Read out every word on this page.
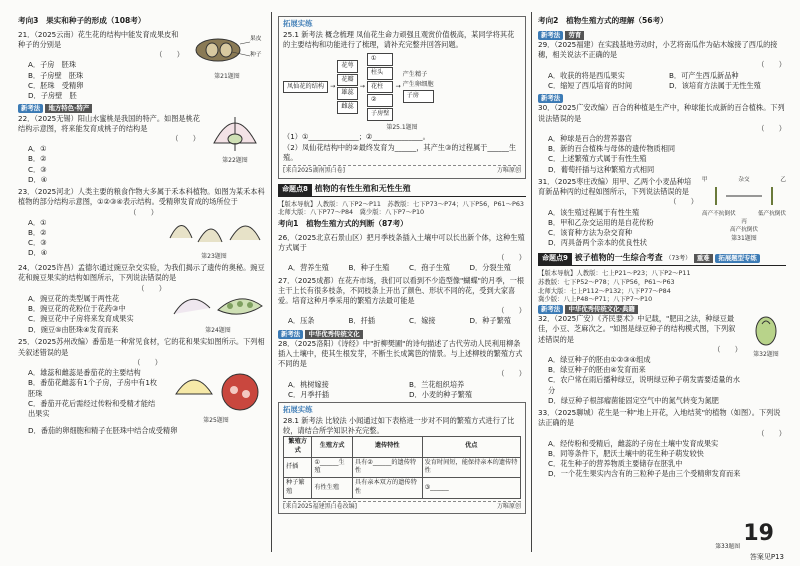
考向3　果实和种子的形成（108考）
21．（2025云南）花生花的结构中能发育成果皮和种子的分别是
（　　）
A．子房　胚珠
B．子房壁　胚珠
C．胚珠　受精卵
D．子房壁　胚
果皮
种子
第21题图
新考法 地方特色·特产
22．（2025无锡）阳山水蜜桃是我国的特产。如图是桃花结构示意图，将来能发育成桃子的结构是
（　　）
A．①
B．②
C．③
D．④
第22题图
23．（2025河北）人类主要的粮食作物大多属于禾本科植物。如图为某禾本科植物的部分结构示意图，①②③④表示结构。受精卵发育成的场所位于
（　　）
A．①
B．②
C．③
D．④	第23题图
24．（2025许昌）孟德尔通过豌豆杂交实验，为我们揭示了遗传的奥秘。豌豆花和豌豆果实的结构如图所示，下列说法错误的是
（　　）
A．豌豆花的类型属于两性花
B．豌豆花的花粉位于花药③中
C．豌豆花中子房将来发育成果实
D．豌豆⑤由胚珠④发育而来	第24题图
25．（2025苏州改编）番茄是一种常见食材，它的花和果实如图所示。下列相关叙述错误的是
（　　）
A．雄蕊和雌蕊是番茄花的主要结构
B．番茄花雌蕊有1个子房，子房中有1枚胚珠
C．番茄开花后需经过传粉和受精才能结出果实
第25题图
D．番茄的卵细胞和精子在胚珠中结合成受精卵
拓展实练
25.1 新考法 概念梳理 凤仙花生命力顽强且观赏价值极高，某同学将其花的主要结构和功能进行了梳理，请补充完整并回答问题。
凤仙花的结构 →
花萼
花瓣
雄蕊
雌蕊
→
①
柱头
花柱
②
子房壁
→
产生精子
产生卵细胞
子房
第25.1题图
（1）①______________；②______________。
（2）凤仙花结构中的②最终发育为______，其产生③的过程属于______生殖。
[来自2025湖南黑白卷]	万唯原创
命题点8 植物的有性生殖和无性生殖
【版本导航】人教版：八下P2～P11　苏教版：七下P73～P74；八下P56，P61～P63
北师大版：八下P77～P84　冀少版：八下P7～P10
考向1　植物生殖方式的判断（87考）
26．（2025北京石景山区）把月季枝条插入土壤中可以长出新个体，这种生殖方式属于
（　　）
A．营养生殖	B．种子生殖	C．孢子生殖	D．分裂生殖
27．（2025成都）在花卉市场，我们可以看到不少造型像"蝴蝶"的月季，一根主干上长有很多枝条，不同枝条上开出了颜色、形状不同的花，受到大家喜爱。培育这种月季采用的繁殖方法最可能是
（　　）
A．压条	B．扦插	C．嫁接	D．种子繁殖
新考法 中华优秀传统文化
28．（2025洛阳）《诗经》中"折柳樊圃"的诗句描述了古代劳动人民利用柳条插入土壤中，使其生根发芽，不断生长成篱笆的情景。与上述柳枝的繁殖方式不同的是
（　　）
A．桃树嫁接	B．兰花组织培养
C．月季扦插	D．小麦的种子繁殖
拓展实练
28.1 新考法 比较法 小闻通过如下表格进一步对不同的繁殖方式进行了比较，请结合所学知识补充完整。
繁殖方式	生殖方式	遗传特性	优点
扦插	①______生殖	具有②______的遗传特性	发育时间短，能保持亲本的遗传特性
种子繁殖	有性生殖	具有亲本双方的遗传特性	③______
[来自2025福建黑白卷改编]	万唯原创
考向2　植物生殖方式的理解（56考）
新考法 劳育
29．（2025福建）在实践基地劳动时，小艺将南瓜作为砧木嫁接了西瓜的接穗，相关说法不正确的是
（　　）
A．收获的将是西瓜果实	B．可产生西瓜新品种
C．缩短了西瓜培育的时间	D．该培育方法属于无性生殖
新考法
30．（2025广安改编）百合的种植是生产中，种球能长成新的百合植株。下列说法错误的是
（　　）
A．种球是百合的营养器官
B．新的百合植株与母体的遗传物质相同
C．上述繁殖方式属于有性生殖
D．葡萄扦插与这种繁殖方式相同
31．（2025枣庄改编）用甲、乙两个小麦品种培育新品种丙的过程如图所示，下列说法错误的是
（　　）
A．该生殖过程属于有性生殖
B．甲和乙杂交运用的是自花传粉
C．该育种方法为杂交育种
D．丙具备两个亲本的优良性状
甲	杂交	乙
高产不抗倒伏	低产抗倒伏
丙
高产抗倒伏
第31题图
命题点9 被子植物的一生综合考查 （73考） 重难 拓展题型专练
【版本导航】人教版：七上P21～P23；八下P2～P11
苏教版：七下P52～P78；八下P56，P61～P63
北师大版：七上P112～P132；八下P77～P84
冀少版：八上P48～P71；八下P7～P10
新考法 中华优秀传统文化·典籍
32．（2025广安）《齐民要术》中记载，"肥田之法，种绿豆最佳，小豆、芝麻次之。"如图是绿豆种子的结构模式图，下列叙述错误的是
（　　）
A．绿豆种子的胚由①②③④组成
B．绿豆种子的胚由④发育而来
C．农户常在雨后播种绿豆，说明绿豆种子萌发需要适量的水分
D．绿豆种子根部瘤菌能固定空气中的氮气转变为氮肥
第32题图
33．（2025聊城）花生是一种"地上开花，入地结荚"的植物（如图）。下列说法正确的是
（　　）
A．经传粉和受精后，雌蕊的子房在土壤中发育成果实
B．同等条件下，肥沃土壤中的花生种子萌发较快
C．花生种子的营养物质主要储存在胚乳中
D．一个花生果实内含有的三粒种子是由三个受精卵发育而来
19
答案见P13
第33题图
